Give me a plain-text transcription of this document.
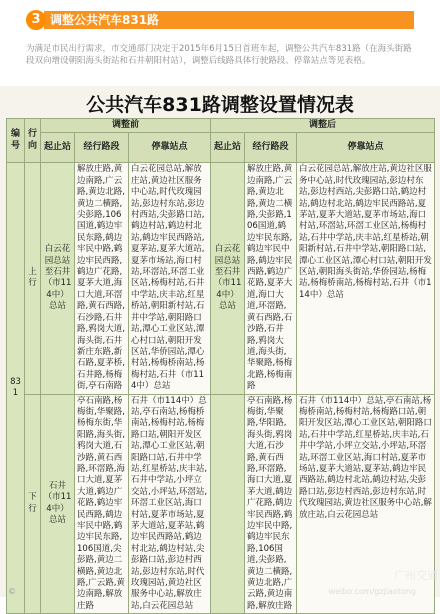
3 调整公共汽车831路
为满足市民出行需求，市交通部门决定于2015年6月15日首班车起，调整公共汽车831路（在海头街路段双向增设朝阳海头街站和石井朝阳村站），调整后线路具体行驶路段、停靠站点等见表格。
公共汽车831路调整设置情况表
编号	行向	调整前			调整后		
		起止站	经行路段	停靠站点	起止站	经行路段	停靠站点
831	上行	白云花园总站至石井（市114中）总站	解放庄路,黄边南路,广云路,黄边北路,黄边二横路,尖彭路,106国道,鹤边牢民东路,鹤边牢民中路,鹤边牢民西路,鹤边广花路,夏茅大道,海口大道,环滘路,黄石西路,石沙路,石井路,鸦岗大道,海头街,石井新庄东路,新石路,夏茅桥,石井路,杨梅街,亭石南路	白云花园总站,解放庄站,黄边社区服务中心站,时代玫瑰园站,彭边村东站,彭边村西站,尖彭路口站,鹤边村站,鹤边村北站,鹤边牢民西路站,夏茅站,夏茅大道站,夏茅市场站,海口村站,环滘站,环滘工业区站,杨梅村站,石井中学站,庆丰站,红星桥站,朝阳新村站,石井中学站,朝阳路口站,潭心工业区站,潭心村口站,朝阳开发区站,华侨园站,潭心村站,杨梅桥南站,杨梅村站,石井（市114中）总站	白云花园总站至石井（市114中）总站	解放庄路,黄边南路,广云路,黄边北路,黄边二横路,尖彭路,106国道,鹤边牢民东路,鹤边牢民中路,鹤边牢民西路,鹤边广花路,夏茅大道,海口大道,环滘路,黄石西路,石沙路,石井路,鸦岗大道,海头街,华聚路,杨梅北路,杨梅南路	白云花园总站,解放庄站,黄边社区服务中心站,时代玫瑰园站,彭边村东站,彭边村西站,尖彭路口站,鹤边村站,鹤边村北站,鹤边牢民西路站,夏茅站,夏茅大道站,夏茅市场站,海口村站,环滘站,环滘工业区站,杨梅村站,石井中学站,庆丰站,红星桥站,朝阳新村站,石井中学站,朝阳路口站,潭心工业区站,潭心村口站,朝阳开发区站,朝阳海头街站,华侨园站,杨梅站,杨梅桥南站,杨梅村站,石井（市114中）总站
	下行	石井（市114中）总站	亭石南路,杨梅街,华聚路,杨梅东街,华阳路,海头街,鸦岗大道,石沙路,黄石西路,环滘路,海口大道,夏茅大道,鹤边广花路,鹤边牢民西路,鹤边牢民中路,鹤边牢民东路,106国道,尖彭路,黄边二横路,黄边北路,广云路,黄边南路,解放庄路	石井（市114中）总站,亭石南站,杨梅桥南站,杨梅村站,杨梅路口站,朝阳开发区站,潭心工业区站,朝阳路口站,石井中学站,红星桥站,庆丰站,石井中学站,小坪立交站,小坪站,环滘站,环滘工业区站,海口村站,夏茅市场站,夏茅大道站,夏茅站,鹤边牢民西路站,鹤边村北站,鹤边村站,尖彭路口站,彭边村西站,彭边村东站,时代玫瑰园站,黄边社区服务中心站,解放庄站,白云花园总站		亭石南路,杨梅街,华聚路,华阳路,海头街,鸦岗大道,石沙路,黄石西路,环滘路,海口大道,夏茅大道,鹤边广花路,鹤边牢民西路,鹤边牢民中路,鹤边牢民东路,106国道,尖彭路,黄边二横路,黄边北路,广云路,黄边南路,解放庄路	石井（市114中）总站,亭石南站,杨梅桥南站,杨梅村站,杨梅路口站,朝阳开发区站,潭心工业区站,朝阳路口站,石井中学站,红星桥站,庆丰站,石井中学站,小坪立交站,小坪站,环滘站,环滘工业区站,海口村站,夏茅市场站,夏茅大道站,夏茅站,鹤边牢民西路站,鹤边村北站,鹤边村站,尖彭路口站,彭边村西站,彭边村东站,时代玫瑰园站,黄边社区服务中心站,解放庄站,白云花园总站
广州交通
weibo.com/gzjiaotong
©
